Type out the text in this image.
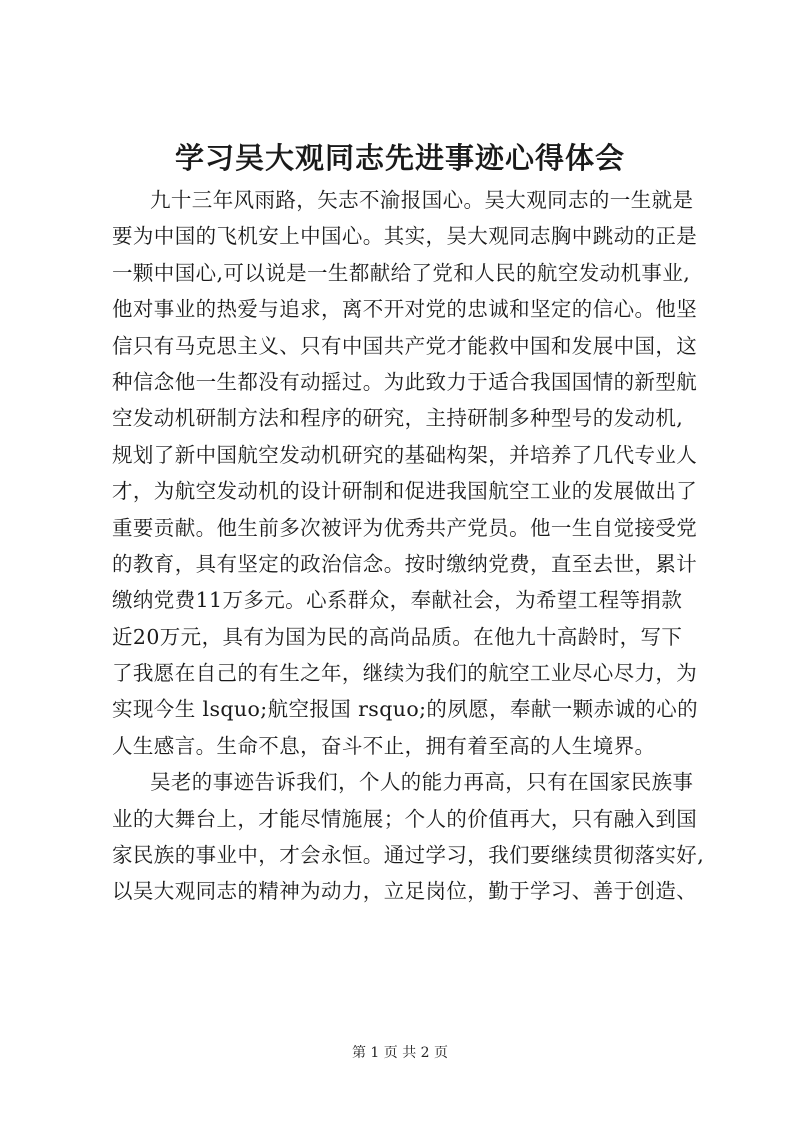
学习吴大观同志先进事迹心得体会
九十三年风雨路，矢志不渝报国心。吴大观同志的一生就是
要为中国的飞机安上中国心。其实，吴大观同志胸中跳动的正是
一颗中国心,可以说是一生都献给了党和人民的航空发动机事业,
他对事业的热爱与追求，离不开对党的忠诚和坚定的信心。他坚
信只有马克思主义、只有中国共产党才能救中国和发展中国，这
种信念他一生都没有动摇过。为此致力于适合我国国情的新型航
空发动机研制方法和程序的研究，主持研制多种型号的发动机,
规划了新中国航空发动机研究的基础构架，并培养了几代专业人
才，为航空发动机的设计研制和促进我国航空工业的发展做出了
重要贡献。他生前多次被评为优秀共产党员。他一生自觉接受党
的教育，具有坚定的政治信念。按时缴纳党费，直至去世，累计
缴纳党费11万多元。心系群众，奉献社会，为希望工程等捐款
近20万元，具有为国为民的高尚品质。在他九十高龄时，写下
了我愿在自己的有生之年，继续为我们的航空工业尽心尽力，为
实现今生 lsquo;航空报国 rsquo;的夙愿，奉献一颗赤诚的心的
人生感言。生命不息，奋斗不止，拥有着至高的人生境界。
吴老的事迹告诉我们，个人的能力再高，只有在国家民族事
业的大舞台上，才能尽情施展；个人的价值再大，只有融入到国
家民族的事业中，才会永恒。通过学习，我们要继续贯彻落实好,
以吴大观同志的精神为动力，立足岗位，勤于学习、善于创造、
第 1 页 共 2 页
